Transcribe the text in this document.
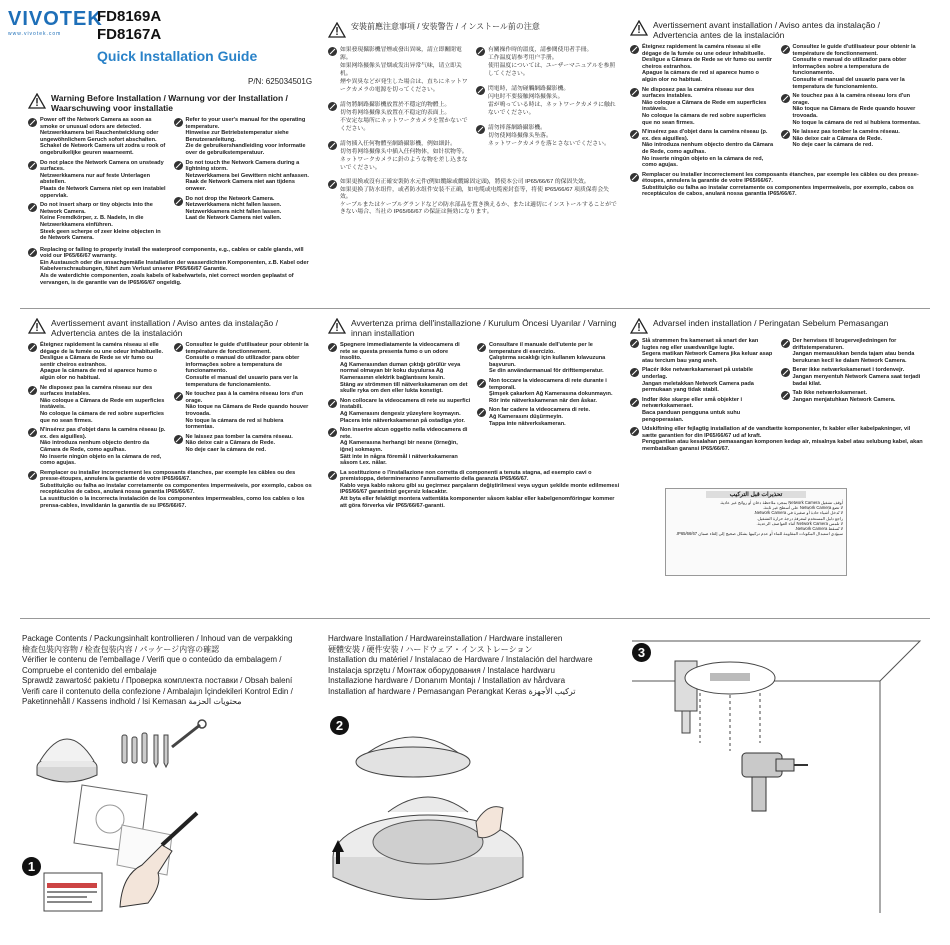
VIVOTEK
www.vivotek.com
FD8169A
FD8167A
Quick Installation Guide
P/N: 625034501G
Warning Before Installation / Warnung vor der Installation / Waarschuwing voor installatie
Power off the Network Camera as soon as smoke or unusual odors are detected.
Netzwerkkamera bei Rauchentwicklung oder ungewöhnlichem Geruch sofort abschalten.
Schakel de Network Camera uit zodra u rook of ongebruikelijke geuren waarneemt.
Do not place the Network Camera on unsteady surfaces.
Netzwerkkamera nur auf feste Unterlagen abstellen.
Plaats de Network Camera niet op een instabiel oppervlak.
Do not insert sharp or tiny objects into the Network Camera.
Keine Fremdkörper, z. B. Nadeln, in die Netzwerkkamera einführen.
Steek geen scherpe of zeer kleine objecten in de Network Camera.
Refer to your user's manual for the operating temperature.
Hinweise zur Betriebstemperatur siehe Benutzeranleitung.
Zie de gebruikershandleiding voor informatie over de gebruikstemperatuur.
Do not touch the Network Camera during a lightning storm.
Netzwerkkamera bei Gewittern nicht anfassen.
Raak de Network Camera niet aan tijdens onweer.
Do not drop the Network Camera. Netzwerkkamera nicht fallen lassen.
Netzwerkkamera nicht fallen lassen.
Laat de Network Camera niet vallen.
Replacing or failing to properly install the waterproof components, e.g., cables or cable glands, will void our IP65/66/67 warranty.
Ein Austausch oder die unsachgemäße Installation der wasserdichten Komponenten, z.B. Kabel oder Kabelverschraubungen, führt zum Verlust unserer IP65/66/67 Garantie.
Als de waterdichte componenten, zoals kabels of kabelwartels, niet correct worden geplaatst of vervangen, is de garantie van de IP65/66/67 ongeldig.
安裝前應注意事項 / 安装警告 / インストール前の注意
如果發現攝影機冒煙或發出異味，請立即關閉電源。
如果网络摄像头冒烟或发出异常气味，请立即关机。
煙や異臭などが発生した場合は、直ちにネットワークカメラの電源を切ってください。
請勿將網路攝影機放置於不穩定的物體上。
切勿将网络摄像头放置在不稳定的表面上。
不安定な場所にネットワークカメラを置かないでください。
請勿插入任何物體至網路攝影機，例如細針。
切勿将网络摄像头中插入任何物体，如针状物等。
ネットワークカメラに針のような物を差し込まないでください。
有關操作時的溫度，請參閱使用者手冊。
工作温度请参考用户手册。
使用温度については、ユーザーマニュアルを参照してください。
閃電時，請勿碰觸網路攝影機。
闪电时不要接触网络摄像头。
雷が鳴っている時は、ネットワークカメラに触れないでください。
請勿摔落網路攝影機。
切勿使网络摄像头坠落。
ネットワークカメラを落とさないでください。
如果更換或沒有正確安裝防水元件(例如纜線或纜線固定頭)，將使本公司 IP65/66/67 的保固失效。
如果更换了防水组件，或者防水组件安装不正确，如电缆或电缆密封套等，将使 IP65/66/67 项质保将会失效。
ケーブルまたはケーブルグランドなどの防水部品を置き換えるか、または適切にインストールすることができない場合、当社の IP65/66/67 の保証は無効になります。
Avertissement avant installation / Aviso antes da instalação / Advertencia antes de la instalación
Éteignez rapidement la caméra réseau si elle dégage de la fumée ou une odeur inhabituelle.
Desligue a Câmara de Rede se vir fumo ou sentir cheiros estranhos.
Apague la cámara de red si aparece humo o algún olor no habitual.
Ne disposez pas la caméra réseau sur des surfaces instables.
Não coloque a Câmara de Rede em superficies instáveis.
No coloque la cámara de red sobre superficies que no sean firmes.
N'insérez pas d'objet dans la caméra réseau (p. ex. des aiguilles).
Não introduza nenhum objecto dentro da Câmara de Rede, como agulhas.
No inserte ningún objeto en la cámara de red, como agujas.
Consultez le guide d'utilisateur pour obtenir la température de fonctionnement.
Consulte o manual do utilizador para obter informações sobre a temperatura de funcionamento.
Consulte el manual del usuario para ver la temperatura de funcionamiento.
Ne touchez pas à la caméra réseau lors d'un orage.
Não toque na Câmara de Rede quando houver trovoada.
No toque la cámara de red si hubiera tormentas.
Ne laissez pas tomber la caméra réseau.
Não deixe cair a Câmara de Rede.
No deje caer la cámara de red.
Remplacer ou installer incorrectement les composants étanches, par exemple les câbles ou des presse-étoupes, annulera la garantie de votre IP65/66/67.
Substituição ou falha ao instalar corretamente os componentes impermeáveis, por exemplo, cabos os receptáculos de cabos, anulará nossa garantia IP65/66/67.
Avertissement avant installation / Aviso antes da instalação / Advertencia antes de la instalación
Éteignez rapidement la caméra réseau si elle dégage de la fumée ou une odeur inhabituelle.
Desligue a Câmara de Rede se vir fumo ou sentir cheiros estranhos.
Apague la cámara de red si aparece humo o algún olor no habitual.
Ne disposez pas la caméra réseau sur des surfaces instables.
Não coloque a Câmara de Rede em superficies instáveis.
No coloque la cámara de red sobre superficies que no sean firmes.
N'insérez pas d'objet dans la caméra réseau (p. ex. des aiguilles).
Não introduza nenhum objecto dentro da Câmara de Rede, como agulhas.
No inserte ningún objeto en la cámara de red, como agujas.
Consultez le guide d'utilisateur pour obtenir la température de fonctionnement.
Consulte o manual do utilizador para obter informações sobre a temperatura de funcionamento.
Consulte el manual del usuario para ver la temperatura de funcionamiento.
Ne touchez pas à la caméra réseau lors d'un orage.
Não toque na Câmara de Rede quando houver trovoada.
No toque la cámara de red si hubiera tormentas.
Ne laissez pas tomber la caméra réseau.
Não deixe cair a Câmara de Rede.
No deje caer la cámara de red.
Remplacer ou installer incorrectement les composants étanches, par exemple les câbles ou des presse-étoupes, annulera la garantie de votre IP65/66/67.
Substituição ou falha ao instalar corretamente os componentes impermeáveis, por exemplo, cabos os receptáculos de cabos, anulará nossa garantia IP65/66/67.
La sustitución o la incorrecta instalación de los componentes impermeables, como los cables o los prensa-cables, invalidarán la garantía de su IP65/66/67.
Avvertenza prima dell'installazione / Kurulum Öncesi Uyarılar / Varning innan installation
Spegnere immediatamente la videocamera di rete se questa presenta fumo o un odore insolito.
Ağ Kamerasından duman çıktığı görülür veya normal olmayan bir koku duyulursa Ağ Kamerasının elektrik bağlantısını kesin.
Stäng av strömmen till nätverkskameran om det skulle ryka om den eller lukta konstigt.
Non collocare la videocamera di rete su superfici instabili.
Ağ Kamerasını dengesiz yüzeylere koymayın.
Placera inte nätverkskameran på ostadiga ytor.
Non inserire alcun oggetto nella videocamera di rete.
Ağ Kamerasına herhangi bir nesne (örneğin, iğne) sokmayın.
Sätt inte in några föremål i nätverkskameran såsom t.ex. nålar.
Consultare il manuale dell'utente per le temperature di esercizio.
Çalıştırma sıcaklığı için kullanım kılavuzuna başvurun.
Se din användarmanual för drifttemperatur.
Non toccare la videocamera di rete durante i temporali.
Şimşek çakarken Ağ Kamerasına dokunmayın.
Rör inte nätverkskameran när den åskar.
Non far cadere la videocamera di rete.
Ağ Kamerasını düşürmeyin.
Tappa inte nätverkskameran.
La sostituzione o l'installazione non corretta di componenti a tenuta stagna, ad esempio cavi o premistoppa, determineranno l'annullamento della garanzia IP65/66/67.
Kablo veya kablo rakoru gibi su geçirmez parçaların değiştirilmesi veya uygun şekilde monte edilmemesi IP65/66/67 garantinizi geçersiz kılacaktır.
Att byta eller felaktigt montera vattentäta komponenter såsom kablar eller kabelgenomföringar kommer att göra förverka vår IP65/66/67-garanti.
Advarsel inden installation / Peringatan Sebelum Pemasangan
Slå strømmen fra kameraet så snart der kan lugtes røg eller usædvanlige lugte.
Segera matikan Network Camera jika keluar asap atau tercium bau yang aneh.
Placér ikke netværkskameraet på ustabile underlag.
Jangan meletakkan Network Camera pada permukaan yang tidak stabil.
Indfør ikke skarpe eller små objekter i netværkskameraet.
Baca panduan pengguna untuk suhu pengoperasian.
Der henvises til brugervejledningen for driftstemperaturen.
Jangan memasukkan benda tajam atau benda berukuran kecil ke dalam Network Camera.
Berør ikke netværkskameraet i tordenvejr.
Jangan menyentuh Network Camera saat terjadi badai kilat.
Tab ikke netværkskameraet.
Jangan menjatuhkan Network Camera.
Udskiftning eller fejlagtig installation af de vandtætte komponenter, fx kabler eller kabelpakninger, vil sætte garantien for din IP65/66/67 ud af kraft.
Penggantian atau kesalahan pemasangan komponen kedap air, misalnya kabel atau selubung kabel, akan membatalkan garansi IP65/66/67.
تحذيرات قبل التركيب
أوقف تشغيل Network Camera بمجرد ملاحظة دخان أو روائح غير عادية.
لا تضع Network Camera على أسطح غير ثابتة.
لا تُدخل أشياء حادة أو صغيرة في Network Camera.
راجع دليل المستخدم لمعرفة درجة حرارة التشغيل.
لا تلمس Network Camera أثناء العواصف الرعدية.
لا تُسقط Network Camera.
سيؤدي استبدال المكونات المقاومة للماء أو عدم تركيبها بشكل صحيح إلى إلغاء ضمان IP65/66/67.
Package Contents / Packungsinhalt kontrollieren / Inhoud van de verpakking
檢查包裝內容物 / 检查包装内容 / パッケージ内容の確認
Vérifier le contenu de l'emballage / Verifi que o conteúdo da embalagem / Compruebe el contenido del embalaje
Sprawdź zawartość pakietu / Проверка комплекта поставки / Obsah balení
Verifi care il contenuto della confezione / Ambalajın İçindekileri Kontrol Edin / Paketinnehåll / Kassens indhold / Isi Kemasan محتويات الحزمة
1
Hardware Installation / Hardwareinstallation / Hardware installeren
硬體安裝 / 硬件安装 / ハードウェア・インストレーション
Installation du matériel / Instalacao de Hardware / Instalación del hardware
Instalacja sprzętu / Монтаж оборудования / Instalace hardwaru
Installazione hardware / Donanım Montajı / Installation av hårdvara
Installation af hardware / Pemasangan Perangkat Keras تركيب الأجهزة
2
3
